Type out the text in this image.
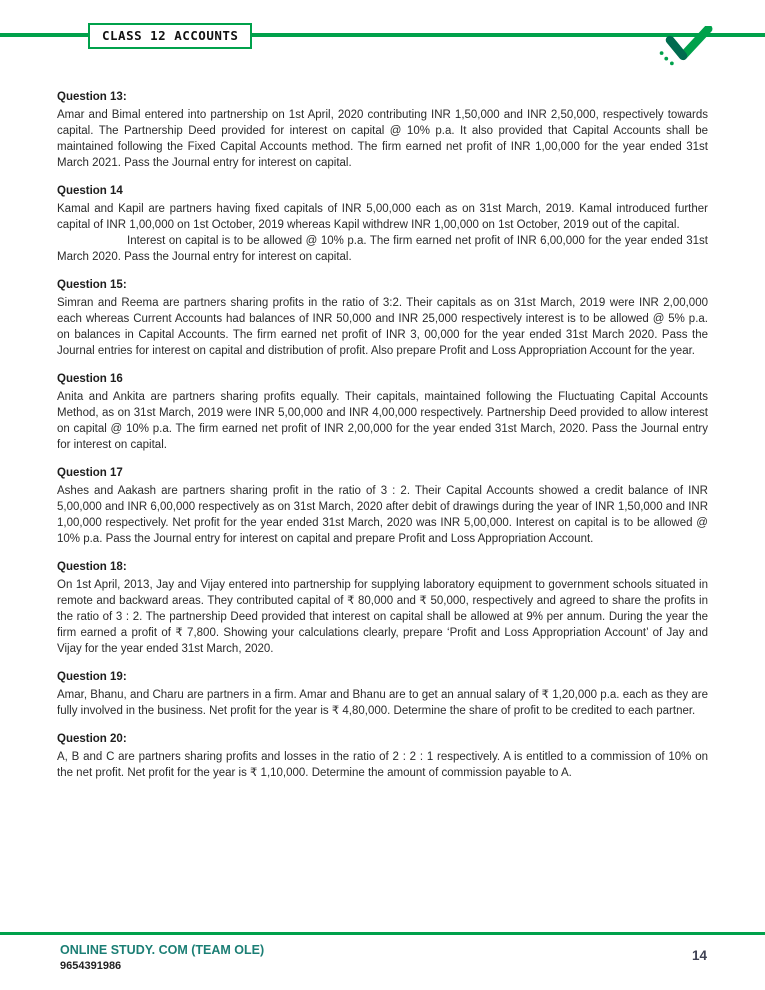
CLASS 12 ACCOUNTS
Question 13:

Amar and Bimal entered into partnership on 1st April, 2020 contributing INR 1,50,000 and INR 2,50,000, respectively towards capital. The Partnership Deed provided for interest on capital @ 10% p.a. It also provided that Capital Accounts shall be maintained following the Fixed Capital Accounts method. The firm earned net profit of INR 1,00,000 for the year ended 31st March 2021. Pass the Journal entry for interest on capital.

Question 14

Kamal and Kapil are partners having fixed capitals of INR 5,00,000 each as on 31st March, 2019. Kamal introduced further capital of INR 1,00,000 on 1st October, 2019 whereas Kapil withdrew INR 1,00,000 on 1st October, 2019 out of the capital.

Interest on capital is to be allowed @ 10% p.a. The firm earned net profit of INR 6,00,000 for the year ended 31st March 2020. Pass the Journal entry for interest on capital.

Question 15:

Simran and Reema are partners sharing profits in the ratio of 3:2. Their capitals as on 31st March, 2019 were INR 2,00,000 each whereas Current Accounts had balances of INR 50,000 and INR 25,000 respectively interest is to be allowed @ 5% p.a. on balances in Capital Accounts. The firm earned net profit of INR 3, 00,000 for the year ended 31st March 2020. Pass the Journal entries for interest on capital and distribution of profit. Also prepare Profit and Loss Appropriation Account for the year.

Question 16

Anita and Ankita are partners sharing profits equally. Their capitals, maintained following the Fluctuating Capital Accounts Method, as on 31st March, 2019 were INR 5,00,000 and INR 4,00,000 respectively. Partnership Deed provided to allow interest on capital @ 10% p.a. The firm earned net profit of INR 2,00,000 for the year ended 31st March, 2020. Pass the Journal entry for interest on capital.

Question 17

Ashes and Aakash are partners sharing profit in the ratio of 3 : 2. Their Capital Accounts showed a credit balance of INR 5,00,000 and INR 6,00,000 respectively as on 31st March, 2020 after debit of drawings during the year of INR 1,50,000 and INR 1,00,000 respectively. Net profit for the year ended 31st March, 2020 was INR 5,00,000. Interest on capital is to be allowed @ 10% p.a. Pass the Journal entry for interest on capital and prepare Profit and Loss Appropriation Account.

Question 18:

On 1st April, 2013, Jay and Vijay entered into partnership for supplying laboratory equipment to government schools situated in remote and backward areas. They contributed capital of ₹ 80,000 and ₹ 50,000, respectively and agreed to share the profits in the ratio of 3 : 2. The partnership Deed provided that interest on capital shall be allowed at 9% per annum. During the year the firm earned a profit of ₹ 7,800. Showing your calculations clearly, prepare ‘Profit and Loss Appropriation Account’ of Jay and Vijay for the year ended 31st March, 2020.

Question 19:

Amar, Bhanu, and Charu are partners in a firm. Amar and Bhanu are to get an annual salary of ₹ 1,20,000 p.a. each as they are fully involved in the business. Net profit for the year is ₹ 4,80,000. Determine the share of profit to be credited to each partner.

Question 20:

A, B and C are partners sharing profits and losses in the ratio of 2 : 2 : 1 respectively. A is entitled to a commission of 10% on the net profit. Net profit for the year is ₹ 1,10,000. Determine the amount of commission payable to A.

ONLINE STUDY. COM (TEAM OLE)
9654391986
14
